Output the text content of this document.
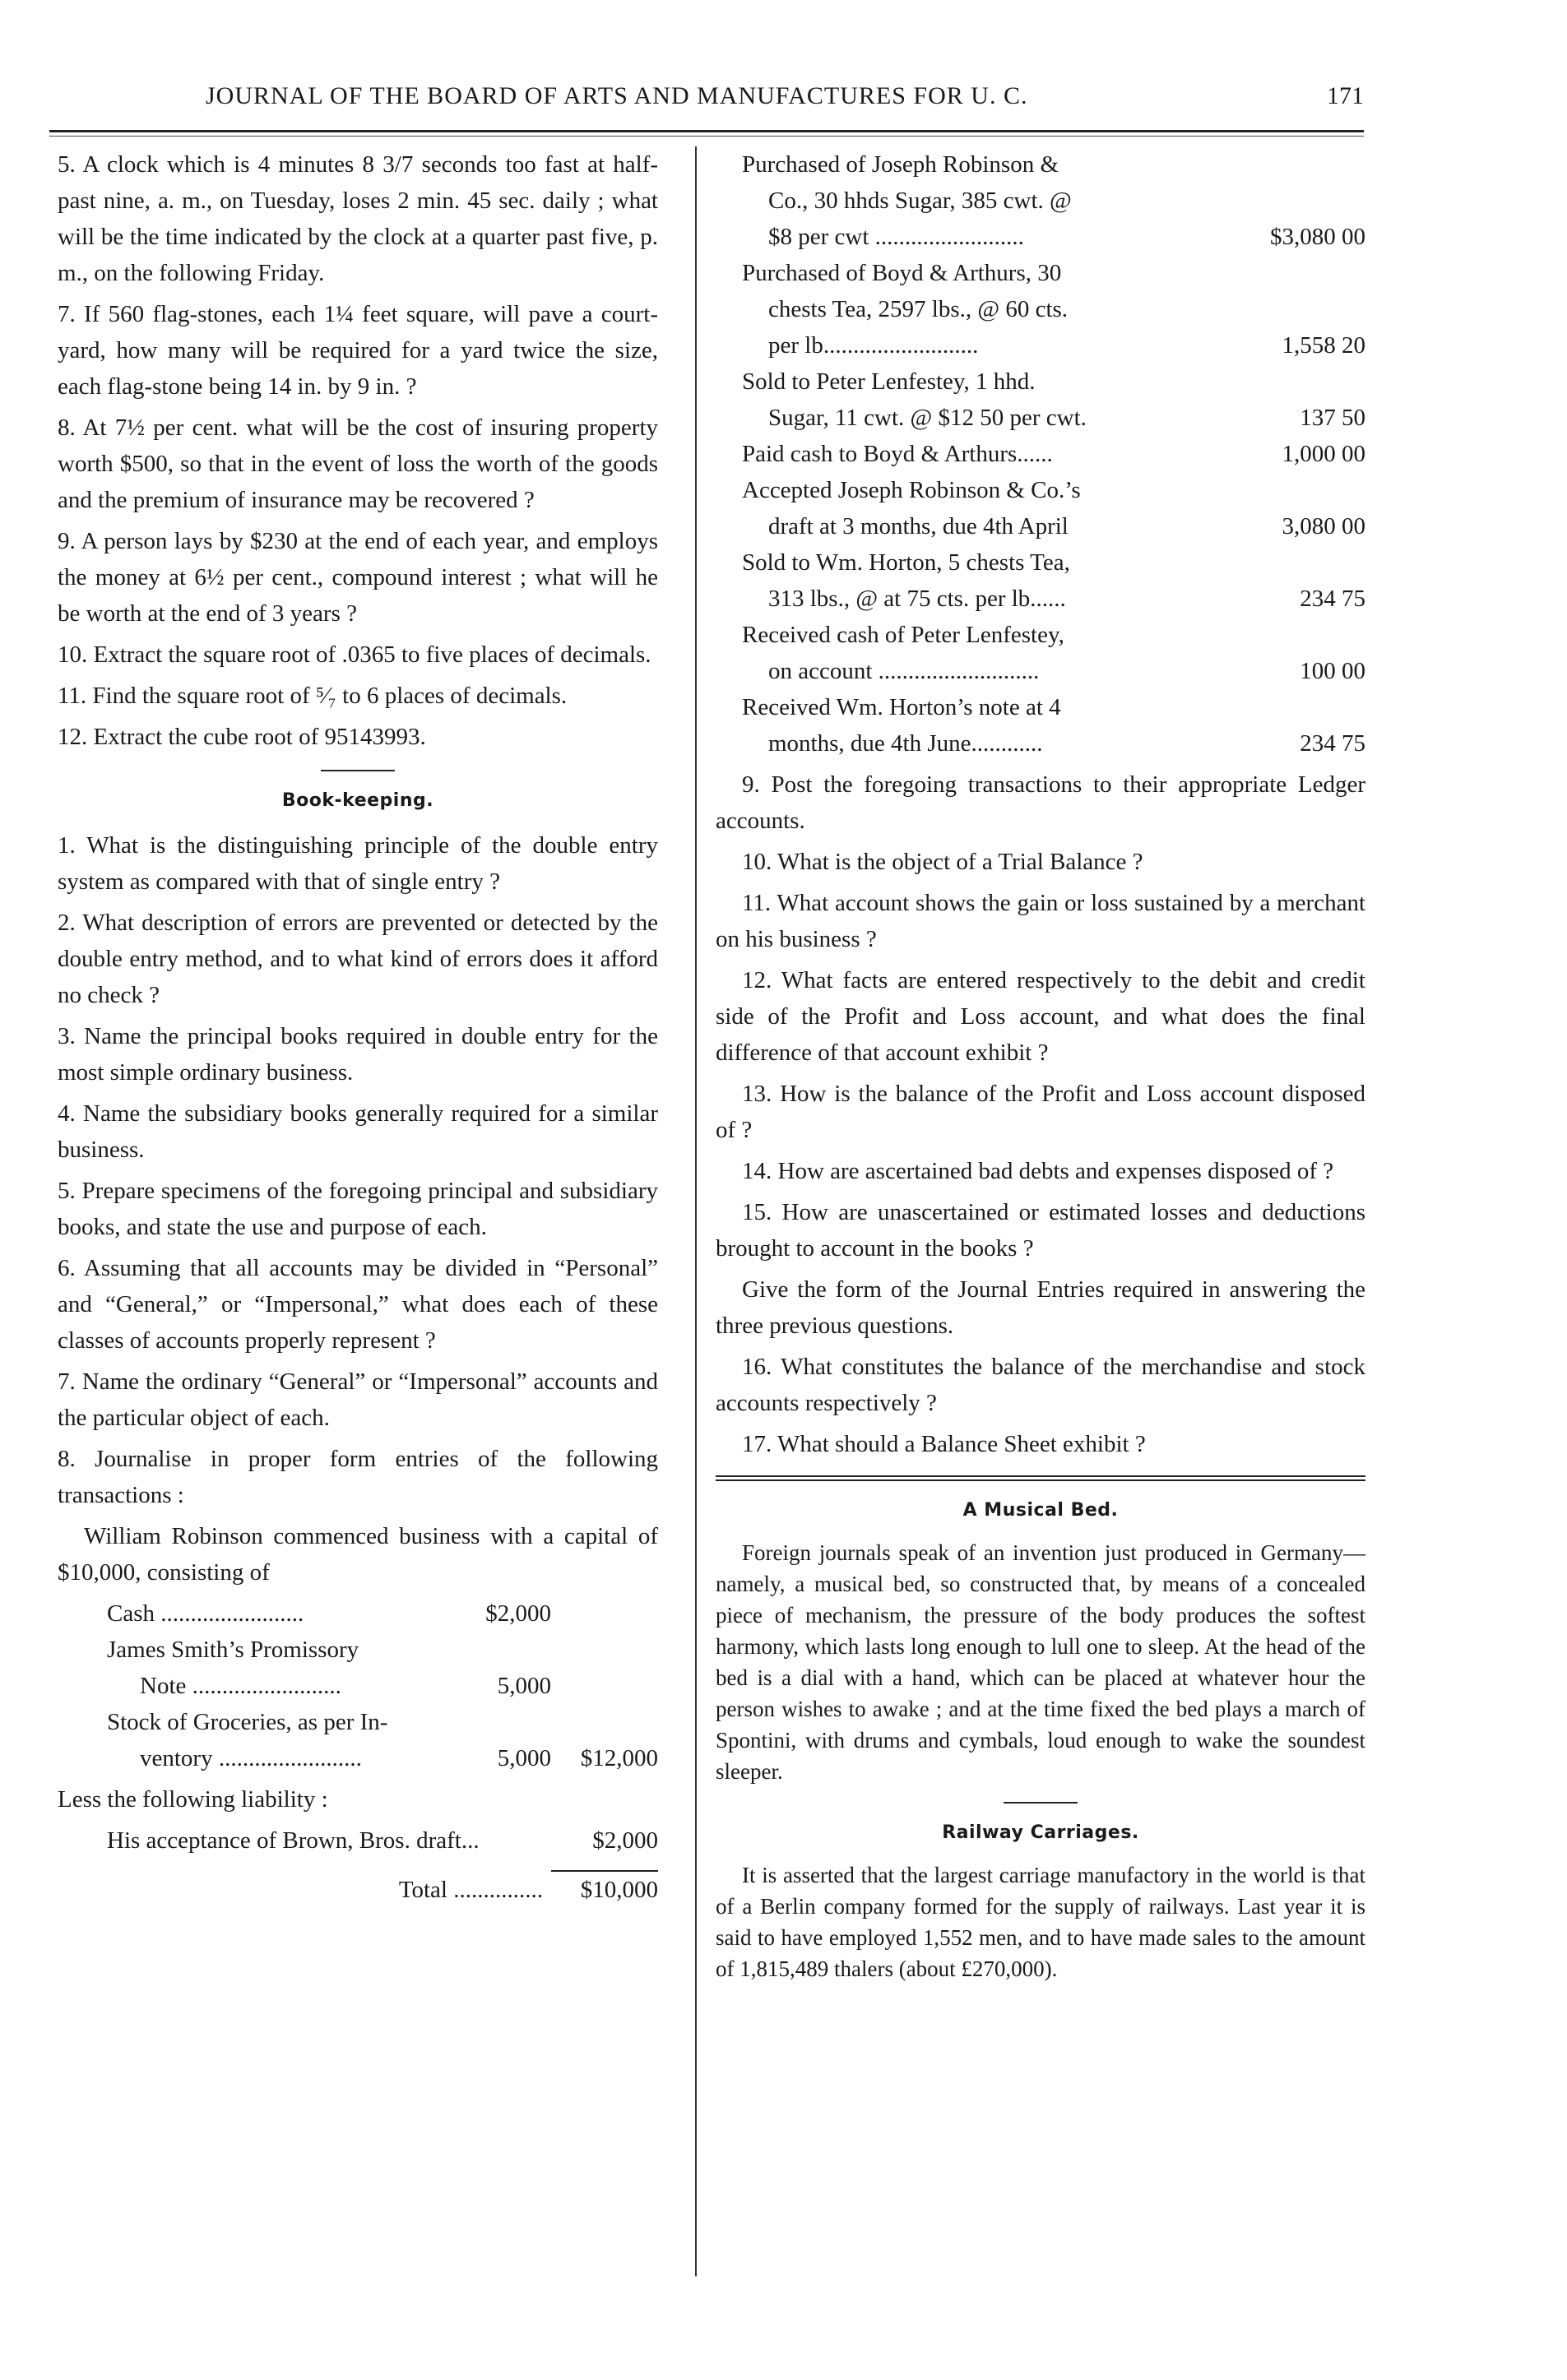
JOURNAL OF THE BOARD OF ARTS AND MANUFACTURES FOR U. C.	171

5. A clock which is 4 minutes 8 3/7 seconds too fast at half-past nine, a. m., on Tuesday, loses 2 min. 45 sec. daily ; what will be the time indicated by the clock at a quarter past five, p. m., on the following Friday.

7. If 560 flag-stones, each 1¼ feet square, will pave a court-yard, how many will be required for a yard twice the size, each flag-stone being 14 in. by 9 in. ?

8. At 7½ per cent. what will be the cost of insuring property worth $500, so that in the event of loss the worth of the goods and the premium of insurance may be recovered ?

9. A person lays by $230 at the end of each year, and employs the money at 6½ per cent., compound interest ; what will he be worth at the end of 3 years ?

10. Extract the square root of .0365 to five places of decimals.

11. Find the square root of ⁵⁄₇ to 6 places of decimals.

12. Extract the cube root of 95143993.

Book-keeping.

1. What is the distinguishing principle of the double entry system as compared with that of single entry ?

2. What description of errors are prevented or detected by the double entry method, and to what kind of errors does it afford no check ?

3. Name the principal books required in double entry for the most simple ordinary business.

4. Name the subsidiary books generally required for a similar business.

5. Prepare specimens of the foregoing principal and subsidiary books, and state the use and purpose of each.

6. Assuming that all accounts may be divided in “Personal” and “General,” or “Impersonal,” what does each of these classes of accounts properly represent ?

7. Name the ordinary “General” or “Impersonal” accounts and the particular object of each.

8. Journalise in proper form entries of the following transactions :

William Robinson commenced business with a capital of $10,000, consisting of

Cash ........................	$2,000
James Smith’s Promissory
Note .........................	5,000
Stock of Groceries, as per In-
ventory ........................	5,000	$12,000

Less the following liability :

His acceptance of Brown, Bros. draft...	$2,000
Total ...............	$10,000
Purchased of Joseph Robinson &
Co., 30 hhds Sugar, 385 cwt. @
$8 per cwt .........................	$3,080 00
Purchased of Boyd & Arthurs, 30
chests Tea, 2597 lbs., @ 60 cts.
per lb..........................	1,558 20
Sold to Peter Lenfestey, 1 hhd.
Sugar, 11 cwt. @ $12 50 per cwt.	137 50
Paid cash to Boyd & Arthurs......	1,000 00
Accepted Joseph Robinson & Co.’s
draft at 3 months, due 4th April	3,080 00
Sold to Wm. Horton, 5 chests Tea,
313 lbs., @ at 75 cts. per lb......	234 75
Received cash of Peter Lenfestey,
on account ...........................	100 00
Received Wm. Horton’s note at 4
months, due 4th June............	234 75

9. Post the foregoing transactions to their appropriate Ledger accounts.

10. What is the object of a Trial Balance ?

11. What account shows the gain or loss sustained by a merchant on his business ?

12. What facts are entered respectively to the debit and credit side of the Profit and Loss account, and what does the final difference of that account exhibit ?

13. How is the balance of the Profit and Loss account disposed of ?

14. How are ascertained bad debts and expenses disposed of ?

15. How are unascertained or estimated losses and deductions brought to account in the books ?

Give the form of the Journal Entries required in answering the three previous questions.

16. What constitutes the balance of the merchandise and stock accounts respectively ?

17. What should a Balance Sheet exhibit ?

A Musical Bed.

Foreign journals speak of an invention just produced in Germany—namely, a musical bed, so constructed that, by means of a concealed piece of mechanism, the pressure of the body produces the softest harmony, which lasts long enough to lull one to sleep. At the head of the bed is a dial with a hand, which can be placed at whatever hour the person wishes to awake ; and at the time fixed the bed plays a march of Spontini, with drums and cymbals, loud enough to wake the soundest sleeper.

Railway Carriages.

It is asserted that the largest carriage manufactory in the world is that of a Berlin company formed for the supply of railways. Last year it is said to have employed 1,552 men, and to have made sales to the amount of 1,815,489 thalers (about £270,000).
